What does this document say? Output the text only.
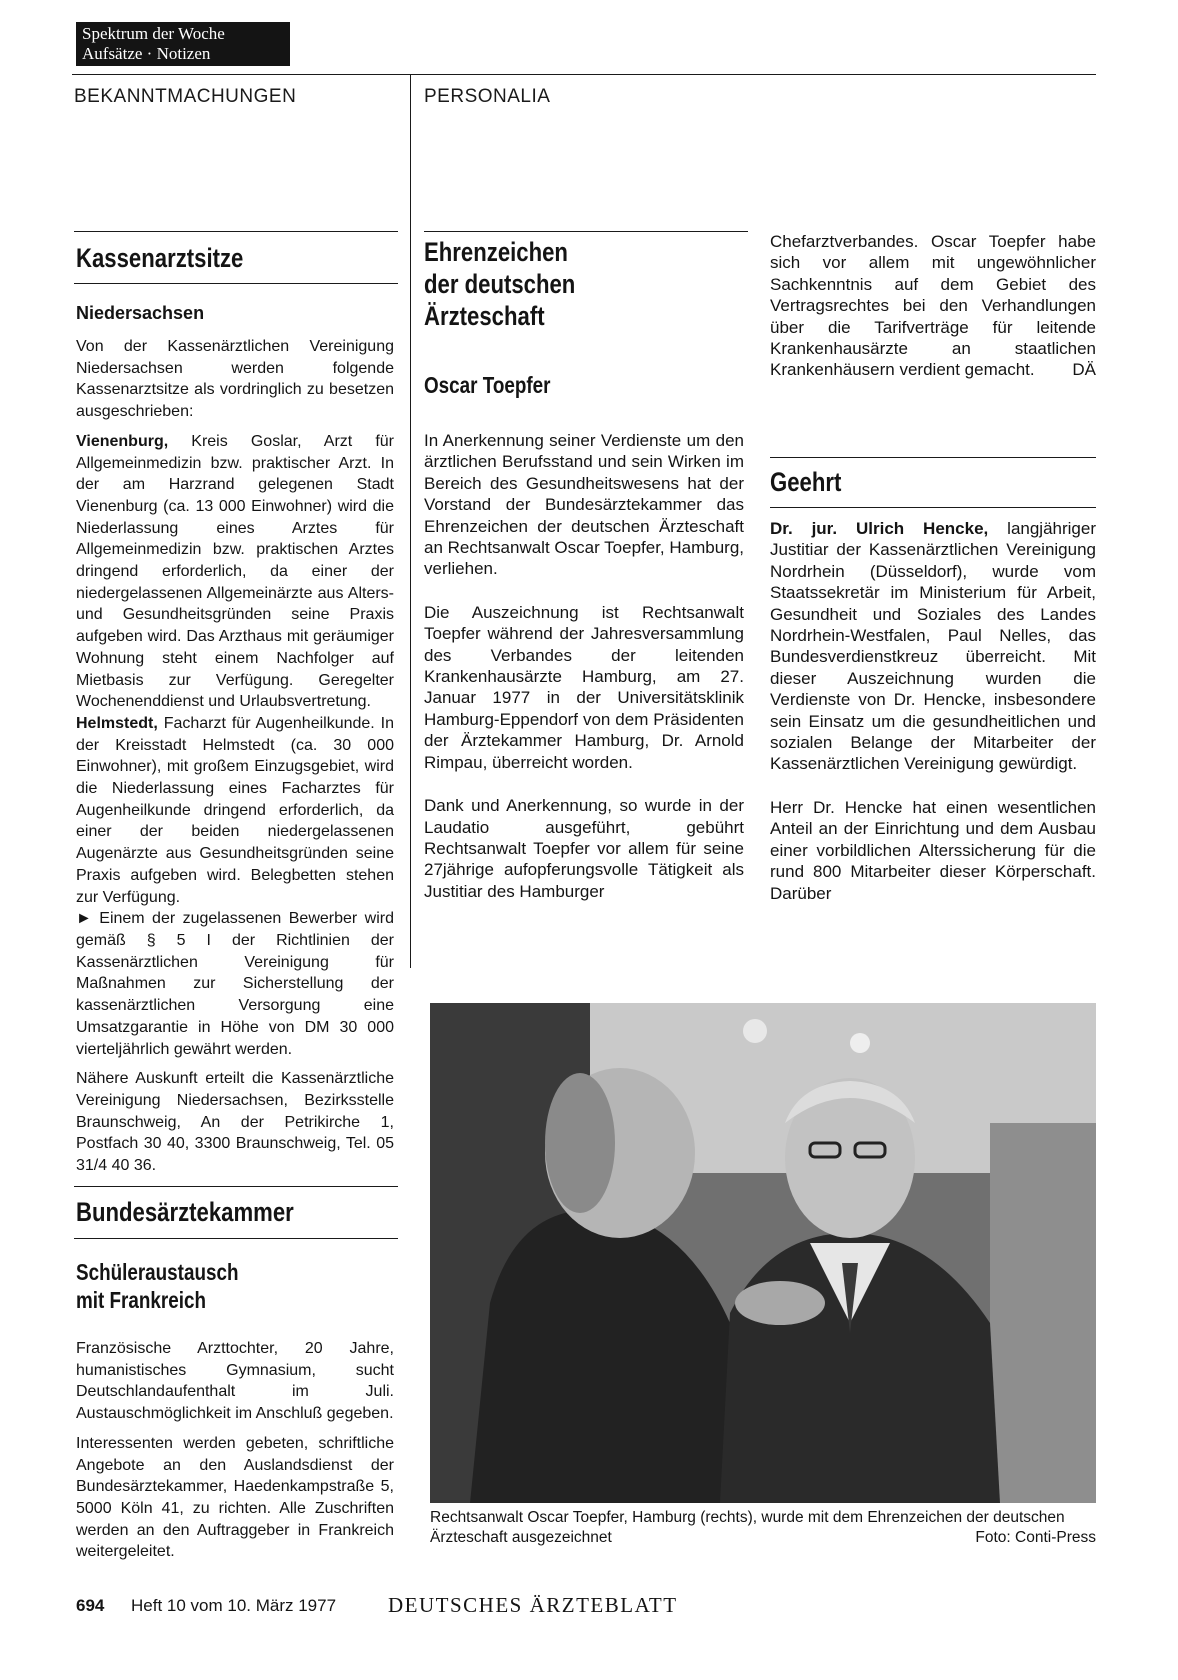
Spektrum der Woche
Aufsätze · Notizen
BEKANNTMACHUNGEN	PERSONALIA
Kassenarztsitze
Niedersachsen

Von der Kassenärztlichen Vereinigung Niedersachsen werden folgende Kassenarztsitze als vordringlich zu besetzen ausgeschrieben:

Vienenburg, Kreis Goslar, Arzt für Allgemeinmedizin bzw. praktischer Arzt. In der am Harzrand gelegenen Stadt Vienenburg (ca. 13 000 Einwohner) wird die Niederlassung eines Arztes für Allgemeinmedizin bzw. praktischen Arztes dringend erforderlich, da einer der niedergelassenen Allgemeinärzte aus Alters- und Gesundheitsgründen seine Praxis aufgeben wird. Das Arzthaus mit geräumiger Wohnung steht einem Nachfolger auf Mietbasis zur Verfügung. Geregelter Wochenenddienst und Urlaubsvertretung.

Helmstedt, Facharzt für Augenheilkunde. In der Kreisstadt Helmstedt (ca. 30 000 Einwohner), mit großem Einzugsgebiet, wird die Niederlassung eines Facharztes für Augenheilkunde dringend erforderlich, da einer der beiden niedergelassenen Augenärzte aus Gesundheitsgründen seine Praxis aufgeben wird. Belegbetten stehen zur Verfügung.

► Einem der zugelassenen Bewerber wird gemäß § 5 I der Richtlinien der Kassenärztlichen Vereinigung für Maßnahmen zur Sicherstellung der kassenärztlichen Versorgung eine Umsatzgarantie in Höhe von DM 30 000 vierteljährlich gewährt werden.

Nähere Auskunft erteilt die Kassenärztliche Vereinigung Niedersachsen, Bezirksstelle Braunschweig, An der Petrikirche 1, Postfach 30 40, 3300 Braunschweig, Tel. 05 31/4 40 36.

Bundesärztekammer
Schüleraustausch
mit Frankreich

Französische Arzttochter, 20 Jahre, humanistisches Gymnasium, sucht Deutschlandaufenthalt im Juli. Austauschmöglichkeit im Anschluß gegeben.

Interessenten werden gebeten, schriftliche Angebote an den Auslandsdienst der Bundesärztekammer, Haedenkampstraße 5, 5000 Köln 41, zu richten. Alle Zuschriften werden an den Auftraggeber in Frankreich weitergeleitet.

Ehrenzeichen
der deutschen
Ärzteschaft
Oscar Toepfer

In Anerkennung seiner Verdienste um den ärztlichen Berufsstand und sein Wirken im Bereich des Gesundheitswesens hat der Vorstand der Bundesärztekammer das Ehrenzeichen der deutschen Ärzteschaft an Rechtsanwalt Oscar Toepfer, Hamburg, verliehen.

Die Auszeichnung ist Rechtsanwalt Toepfer während der Jahresversammlung des Verbandes der leitenden Krankenhausärzte Hamburg, am 27. Januar 1977 in der Universitätsklinik Hamburg-Eppendorf von dem Präsidenten der Ärztekammer Hamburg, Dr. Arnold Rimpau, überreicht worden.

Dank und Anerkennung, so wurde in der Laudatio ausgeführt, gebührt Rechtsanwalt Toepfer vor allem für seine 27jährige aufopferungsvolle Tätigkeit als Justitiar des Hamburger

Chefarztverbandes. Oscar Toepfer habe sich vor allem mit ungewöhnlicher Sachkenntnis auf dem Gebiet des Vertragsrechtes bei den Verhandlungen über die Tarifverträge für leitende Krankenhausärzte an staatlichen Krankenhäusern verdient gemacht. DÄ

Geehrt

Dr. jur. Ulrich Hencke, langjähriger Justitiar der Kassenärztlichen Vereinigung Nordrhein (Düsseldorf), wurde vom Staatssekretär im Ministerium für Arbeit, Gesundheit und Soziales des Landes Nordrhein-Westfalen, Paul Nelles, das Bundesverdienstkreuz überreicht. Mit dieser Auszeichnung wurden die Verdienste von Dr. Hencke, insbesondere sein Einsatz um die gesundheitlichen und sozialen Belange der Mitarbeiter der Kassenärztlichen Vereinigung gewürdigt.

Herr Dr. Hencke hat einen wesentlichen Anteil an der Einrichtung und dem Ausbau einer vorbildlichen Alterssicherung für die rund 800 Mitarbeiter dieser Körperschaft. Darüber

Rechtsanwalt Oscar Toepfer, Hamburg (rechts), wurde mit dem Ehrenzeichen der deutschen Ärzteschaft ausgezeichnet	Foto: Conti-Press
694 Heft 10 vom 10. März 1977 DEUTSCHES ÄRZTEBLATT
